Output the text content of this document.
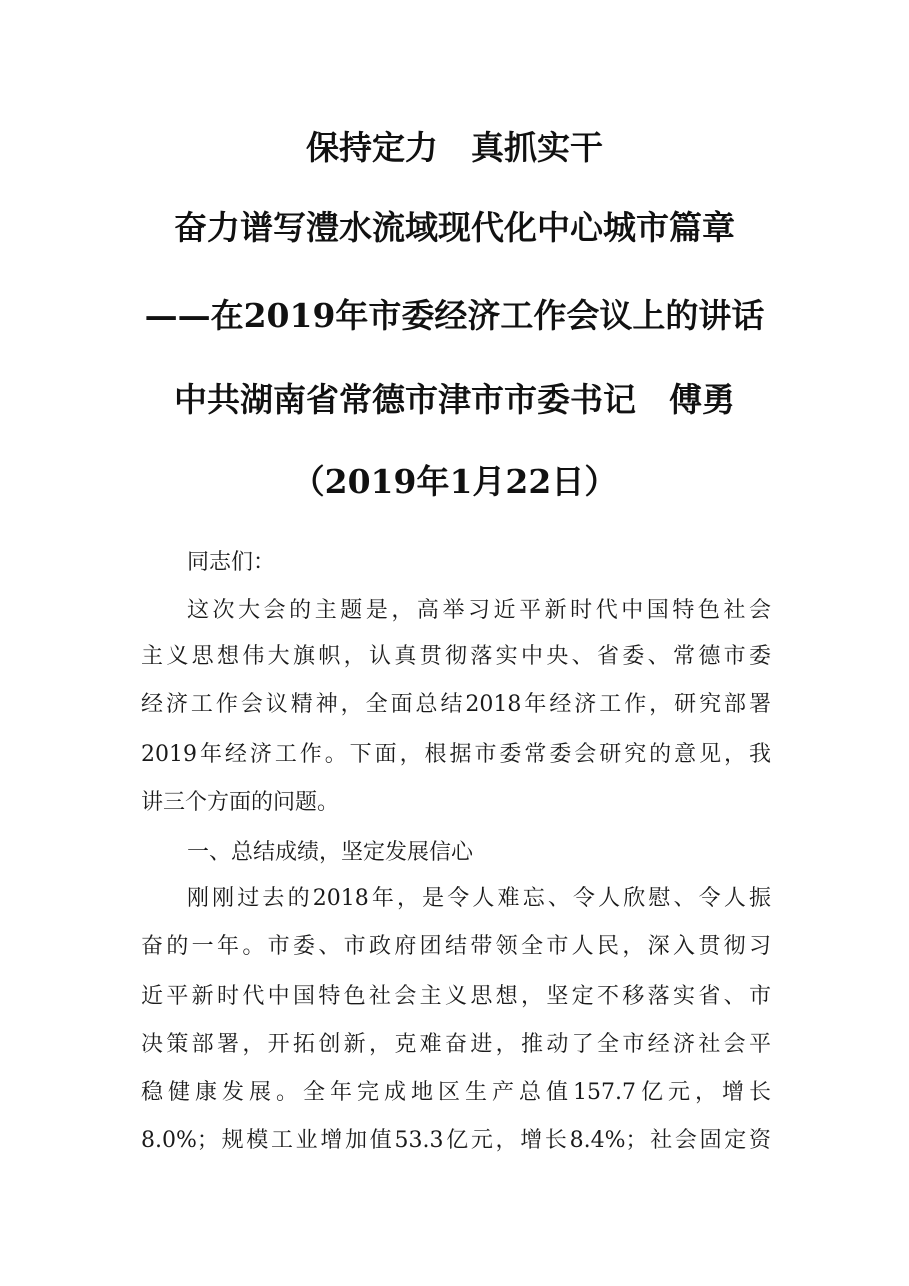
保持定力　真抓实干
奋力谱写澧水流域现代化中心城市篇章
——在2019年市委经济工作会议上的讲话
中共湖南省常德市津市市委书记　傅勇
（2019年1月22日）
同志们：
这次大会的主题是，高举习近平新时代中国特色社会
主义思想伟大旗帜，认真贯彻落实中央、省委、常德市委
经济工作会议精神，全面总结2018年经济工作，研究部署
2019年经济工作。下面，根据市委常委会研究的意见，我
讲三个方面的问题。
一、总结成绩，坚定发展信心
刚刚过去的2018年，是令人难忘、令人欣慰、令人振
奋的一年。市委、市政府团结带领全市人民，深入贯彻习
近平新时代中国特色社会主义思想，坚定不移落实省、市
决策部署，开拓创新，克难奋进，推动了全市经济社会平
稳健康发展。全年完成地区生产总值157.7亿元，增长
8.0%；规模工业增加值53.3亿元，增长8.4%；社会固定资
